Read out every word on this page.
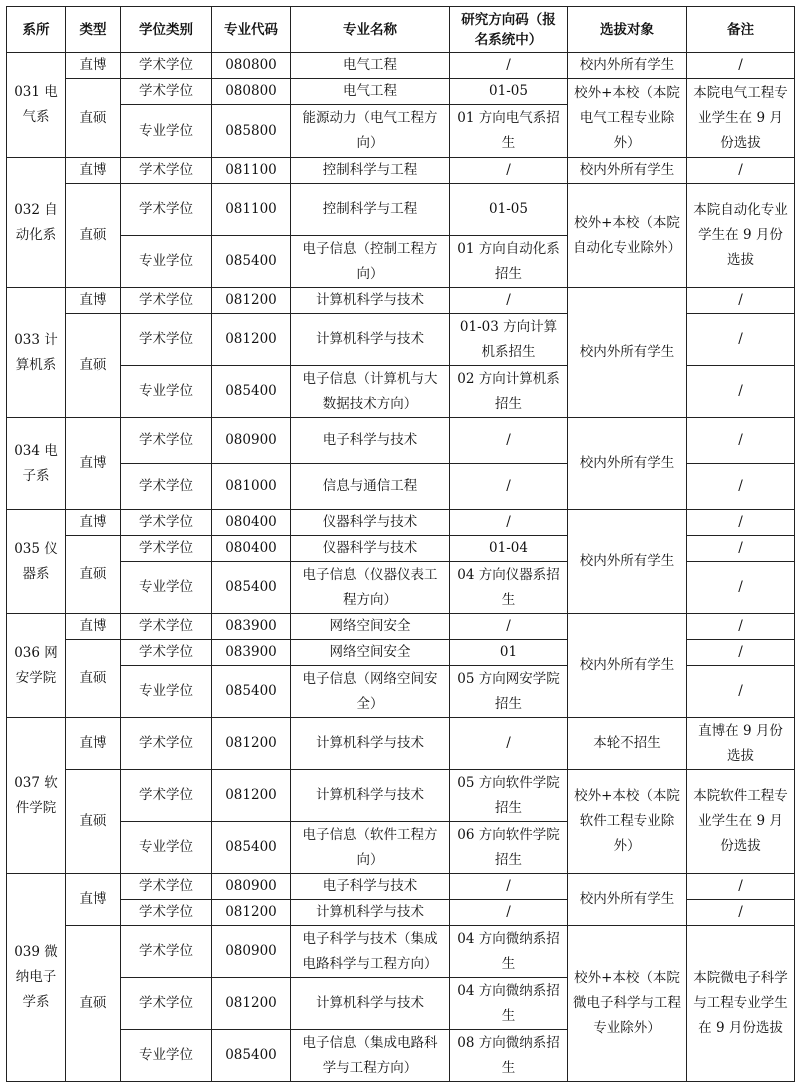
系所	类型	学位类别	专业代码	专业名称	研究方向码（报名系统中）	选拔对象	备注
031 电气系	直博	学术学位	080800	电气工程	/	校内外所有学生	/
	直硕	学术学位	080800	电气工程	01-05	校外+本校（本院电气工程专业除外）	本院电气工程专业学生在 9 月份选拔
		专业学位	085800	能源动力（电气工程方向）	01 方向电气系招生		

032 自动化系	直博	学术学位	081100	控制科学与工程	/	校内外所有学生	/
	直硕	学术学位	081100	控制科学与工程	01-05	校外+本校（本院自动化专业除外）	本院自动化专业学生在 9 月份选拔
		专业学位	085400	电子信息（控制工程方向）	01 方向自动化系招生		
033 计算机系	直博	学术学位	081200	计算机科学与技术	/	校内外所有学生	/
	直硕	学术学位	081200	计算机科学与技术	01-03 方向计算机系招生		/
		专业学位	085400	电子信息（计算机与大数据技术方向）	02 方向计算机系招生		/
034 电子系	直博	学术学位	080900	电子科学与技术	/	校内外所有学生	/
		学术学位	081000	信息与通信工程	/		/
035 仪器系	直博	学术学位	080400	仪器科学与技术	/	校内外所有学生	/
	直硕	学术学位	080400	仪器科学与技术	01-04		/
		专业学位	085400	电子信息（仪器仪表工程方向）	04 方向仪器系招生		/
036 网安学院	直博	学术学位	083900	网络空间安全	/	校内外所有学生	/
	直硕	学术学位	083900	网络空间安全	01		/
		专业学位	085400	电子信息（网络空间安全）	05 方向网安学院招生		/
037 软件学院	直博	学术学位	081200	计算机科学与技术	/	本轮不招生	直博在 9 月份选拔
	直硕	学术学位	081200	计算机科学与技术	05 方向软件学院招生	校外+本校（本院软件工程专业除外）	本院软件工程专业学生在 9 月份选拔
		专业学位	085400	电子信息（软件工程方向）	06 方向软件学院招生		
039 微纳电子学系	直博	学术学位	080900	电子科学与技术	/	校内外所有学生	/
		学术学位	081200	计算机科学与技术	/		/
	直硕	学术学位	080900	电子科学与技术（集成电路科学与工程方向）	04 方向微纳系招生	校外+本校（本院微电子科学与工程专业除外）	本院微电子科学与工程专业学生在 9 月份选拔
		学术学位	081200	计算机科学与技术	04 方向微纳系招生		
		专业学位	085400	电子信息（集成电路科学与工程方向）	08 方向微纳系招生		
